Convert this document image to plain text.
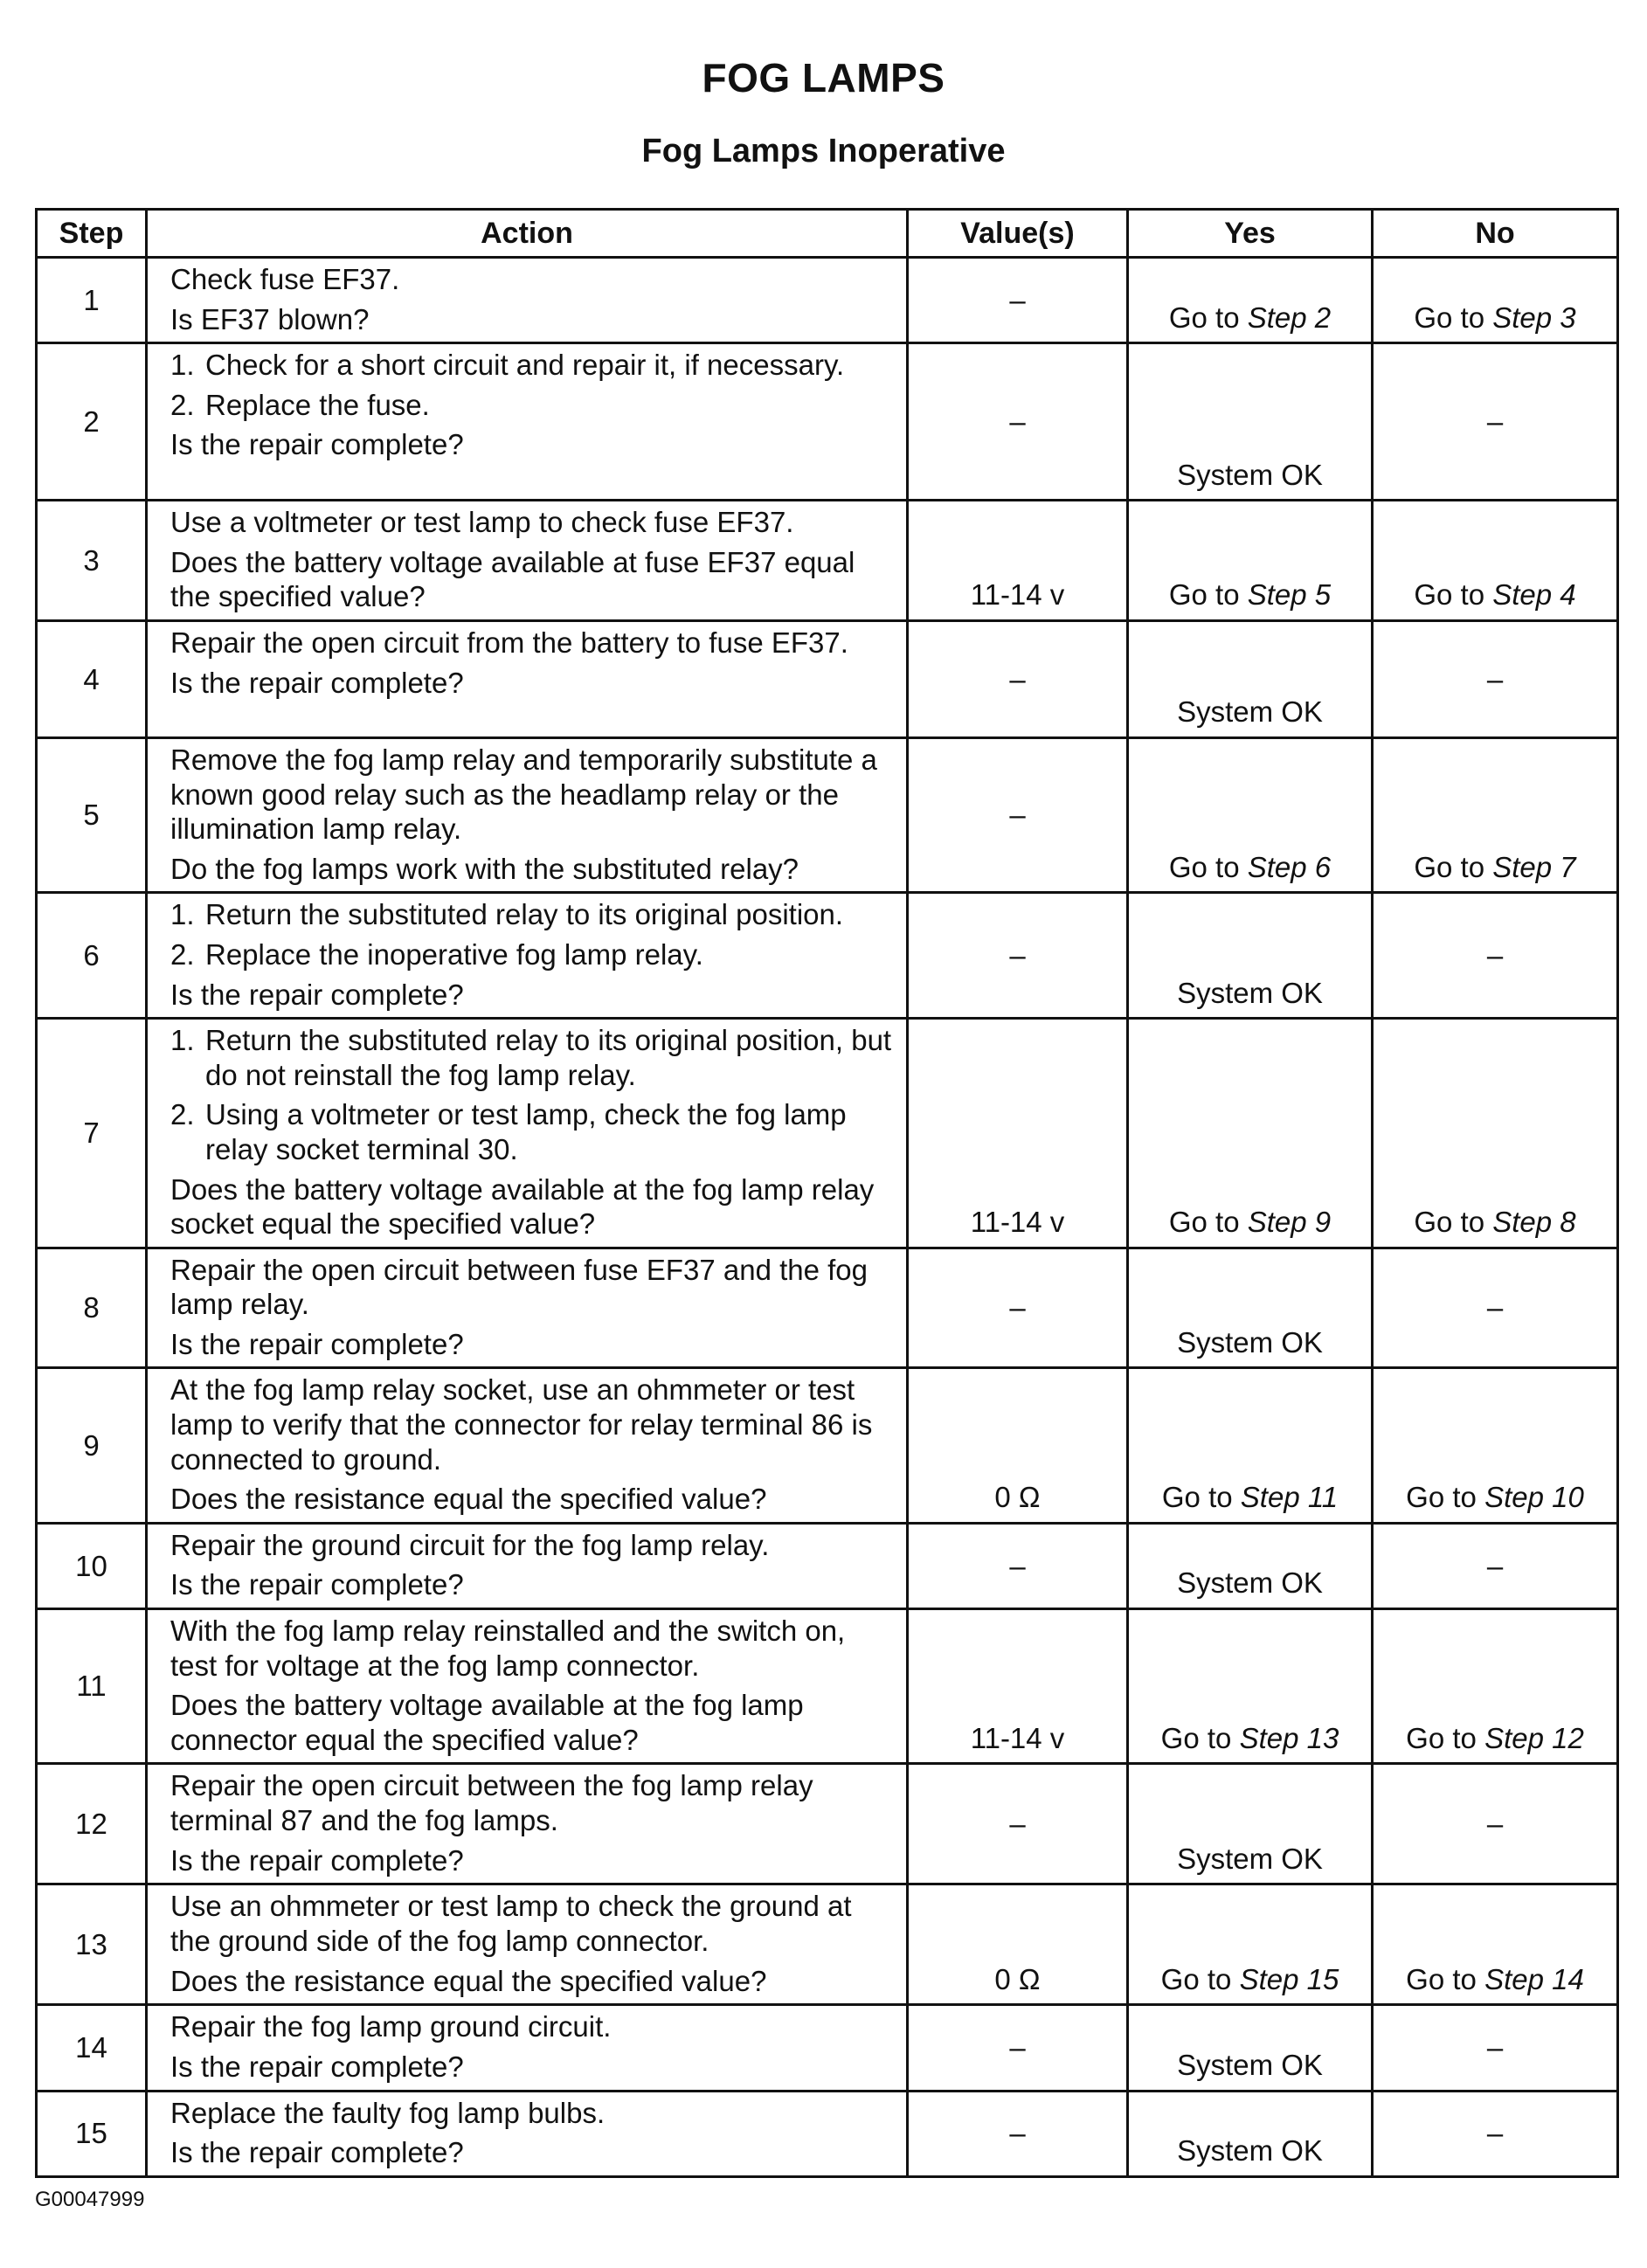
FOG LAMPS
Fog Lamps Inoperative
Step	Action	Value(s)	Yes	No
1	Check fuse EF37.
Is EF37 blown?	–	Go to Step 2	Go to Step 3
2	1. Check for a short circuit and repair it, if necessary.
2. Replace the fuse.
Is the repair complete?	–	System OK	–
3	Use a voltmeter or test lamp to check fuse EF37.
Does the battery voltage available at fuse EF37 equal the specified value?	11-14 v	Go to Step 5	Go to Step 4
4	Repair the open circuit from the battery to fuse EF37.
Is the repair complete?	–	System OK	–
5	Remove the fog lamp relay and temporarily substitute a known good relay such as the headlamp relay or the illumination lamp relay.
Do the fog lamps work with the substituted relay?	–	Go to Step 6	Go to Step 7
6	1. Return the substituted relay to its original position.
2. Replace the inoperative fog lamp relay.
Is the repair complete?	–	System OK	–
7	1. Return the substituted relay to its original position, but do not reinstall the fog lamp relay.
2. Using a voltmeter or test lamp, check the fog lamp relay socket terminal 30.
Does the battery voltage available at the fog lamp relay socket equal the specified value?	11-14 v	Go to Step 9	Go to Step 8
8	Repair the open circuit between fuse EF37 and the fog lamp relay.
Is the repair complete?	–	System OK	–
9	At the fog lamp relay socket, use an ohmmeter or test lamp to verify that the connector for relay terminal 86 is connected to ground.
Does the resistance equal the specified value?	0 Ω	Go to Step 11	Go to Step 10
10	Repair the ground circuit for the fog lamp relay.
Is the repair complete?	–	System OK	–
11	With the fog lamp relay reinstalled and the switch on, test for voltage at the fog lamp connector.
Does the battery voltage available at the fog lamp connector equal the specified value?	11-14 v	Go to Step 13	Go to Step 12
12	Repair the open circuit between the fog lamp relay terminal 87 and the fog lamps.
Is the repair complete?	–	System OK	–
13	Use an ohmmeter or test lamp to check the ground at the ground side of the fog lamp connector.
Does the resistance equal the specified value?	0 Ω	Go to Step 15	Go to Step 14
14	Repair the fog lamp ground circuit.
Is the repair complete?	–	System OK	–
15	Replace the faulty fog lamp bulbs.
Is the repair complete?	–	System OK	–
G00047999
